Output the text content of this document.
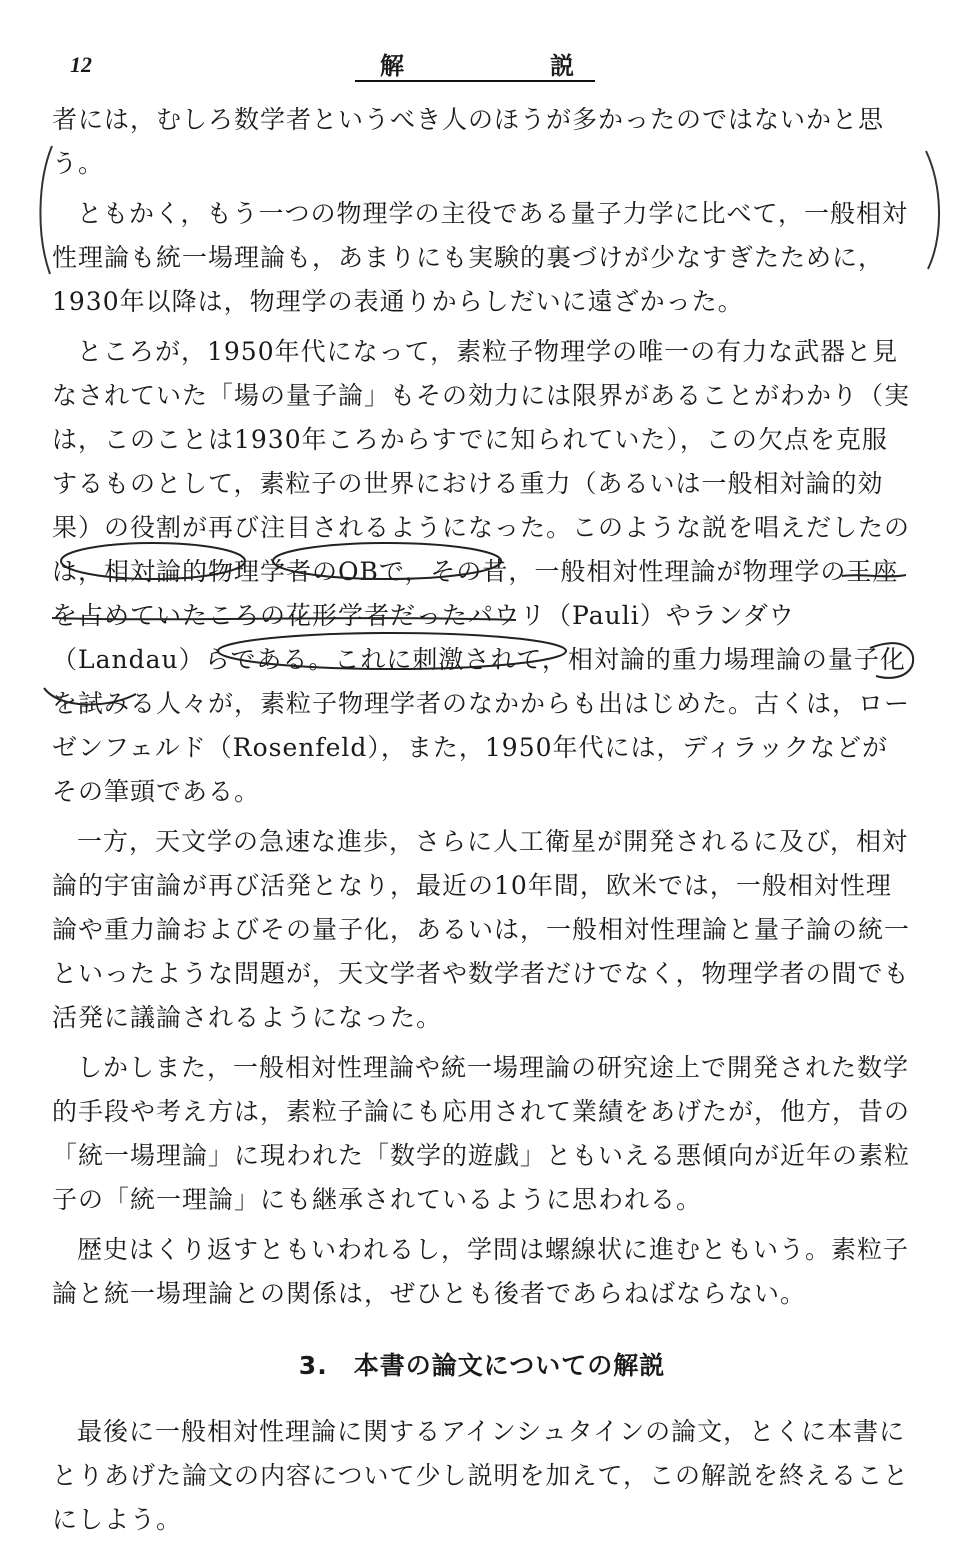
12	解	説

者には，むしろ数学者というべき人のほうが多かったのではないかと思う。

ともかく，もう一つの物理学の主役である量子力学に比べて，一般相対性理論も統一場理論も，あまりにも実験的裏づけが少なすぎたために，1930年以降は，物理学の表通りからしだいに遠ざかった。

ところが，1950年代になって，素粒子物理学の唯一の有力な武器と見なされていた「場の量子論」もその効力には限界があることがわかり（実は，このことは1930年ころからすでに知られていた），この欠点を克服するものとして，素粒子の世界における重力（あるいは一般相対論的効果）の役割が再び注目されるようになった。このような説を唱えだしたのは，相対論的物理学者のOBで，その昔，一般相対性理論が物理学の王座を占めていたころの花形学者だったパウリ（Pauli）やランダウ（Landau）らである。これに刺激されて，相対論的重力場理論の量子化を試みる人々が，素粒子物理学者のなかからも出はじめた。古くは，ローゼンフェルド（Rosenfeld），また，1950年代には，ディラックなどがその筆頭である。

一方，天文学の急速な進歩，さらに人工衛星が開発されるに及び，相対論的宇宙論が再び活発となり，最近の10年間，欧米では，一般相対性理論や重力論およびその量子化，あるいは，一般相対性理論と量子論の統一といったような問題が，天文学者や数学者だけでなく，物理学者の間でも活発に議論されるようになった。

しかしまた，一般相対性理論や統一場理論の研究途上で開発された数学的手段や考え方は，素粒子論にも応用されて業績をあげたが，他方，昔の「統一場理論」に現われた「数学的遊戯」ともいえる悪傾向が近年の素粒子の「統一理論」にも継承されているように思われる。

歴史はくり返すともいわれるし，学問は螺線状に進むともいう。素粒子論と統一場理論との関係は，ぜひとも後者であらねばならない。

3.　本書の論文についての解説

最後に一般相対性理論に関するアインシュタインの論文，とくに本書にとりあげた論文の内容について少し説明を加えて，この解説を終えることにしよう。
